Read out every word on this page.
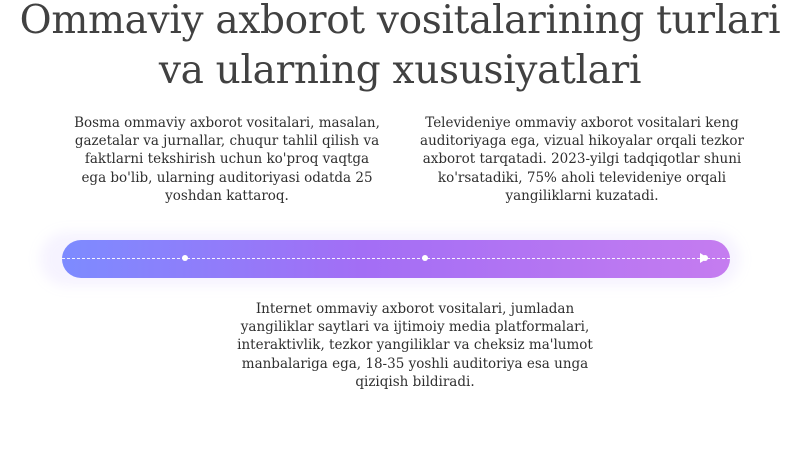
Ommaviy axborot vositalarining turlari va ularning xususiyatlari

Bosma ommaviy axborot vositalari, masalan, gazetalar va jurnallar, chuqur tahlil qilish va faktlarni tekshirish uchun ko'proq vaqtga ega bo'lib, ularning auditoriyasi odatda 25 yoshdan kattaroq.

Televideniye ommaviy axborot vositalari keng auditoriyaga ega, vizual hikoyalar orqali tezkor axborot tarqatadi. 2023-yilgi tadqiqotlar shuni ko'rsatadiki, 75% aholi televideniye orqali yangiliklarni kuzatadi.

Internet ommaviy axborot vositalari, jumladan yangiliklar saytlari va ijtimoiy media platformalari, interaktivlik, tezkor yangiliklar va cheksiz ma'lumot manbalariga ega, 18-35 yoshli auditoriya esa unga qiziqish bildiradi.
